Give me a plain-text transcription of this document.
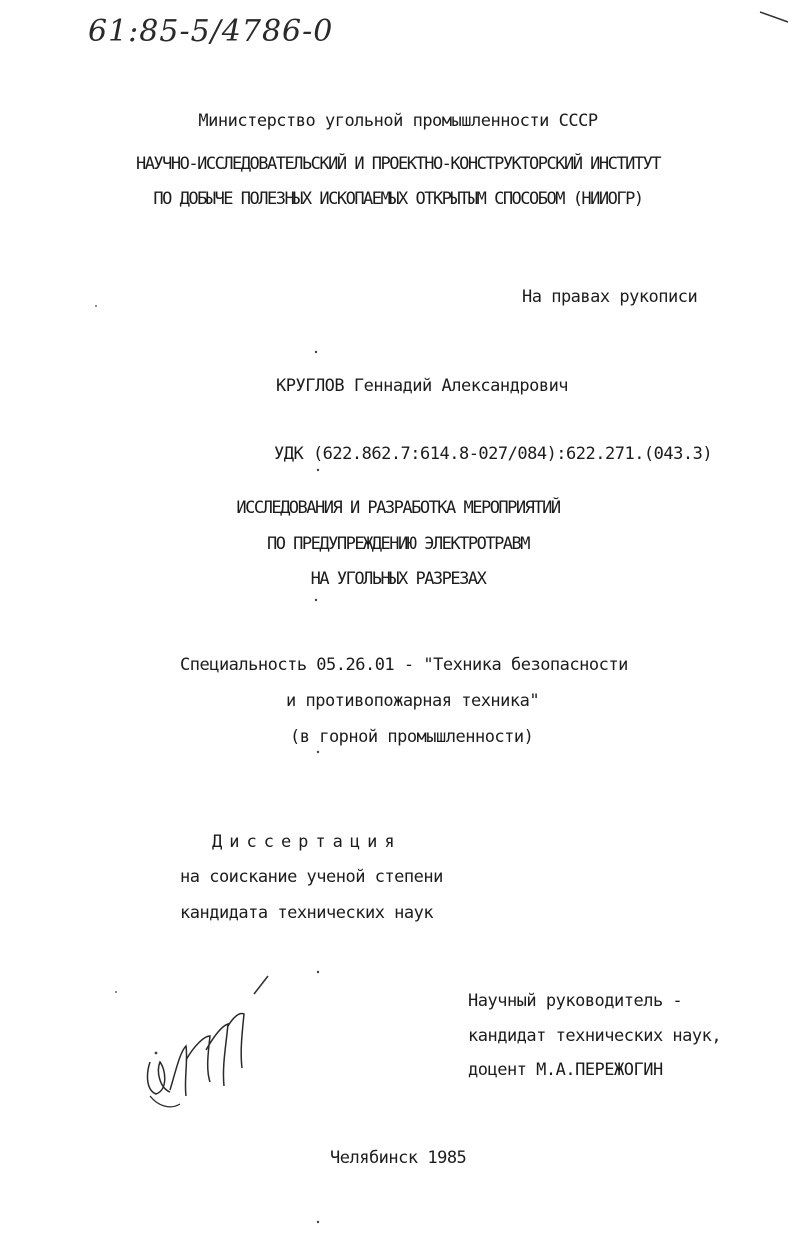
61:85-5/4786-0
Министерство угольной промышленности СССР
НАУЧНО-ИССЛЕДОВАТЕЛЬСКИЙ И ПРОЕКТНО-КОНСТРУКТОРСКИЙ ИНСТИТУТ
ПО ДОБЫЧЕ ПОЛЕЗНЫХ ИСКОПАЕМЫХ ОТКРЫТЫМ СПОСОБОМ (НИИОГР)
На правах рукописи
КРУГЛОВ Геннадий Александрович
УДК (622.862.7:614.8-027/084):622.271.(043.3)
ИССЛЕДОВАНИЯ И РАЗРАБОТКА МЕРОПРИЯТИЙ
ПО ПРЕДУПРЕЖДЕНИЮ ЭЛЕКТРОТРАВМ
НА УГОЛЬНЫХ РАЗРЕЗАХ
Специальность 05.26.01 - "Техника безопасности
и противопожарная техника"
(в горной промышленности)
Диссертация
на соискание ученой степени
кандидата технических наук
Научный руководитель -
кандидат технических наук,
доцент М.А.ПЕРЕЖОГИН
Челябинск 1985
